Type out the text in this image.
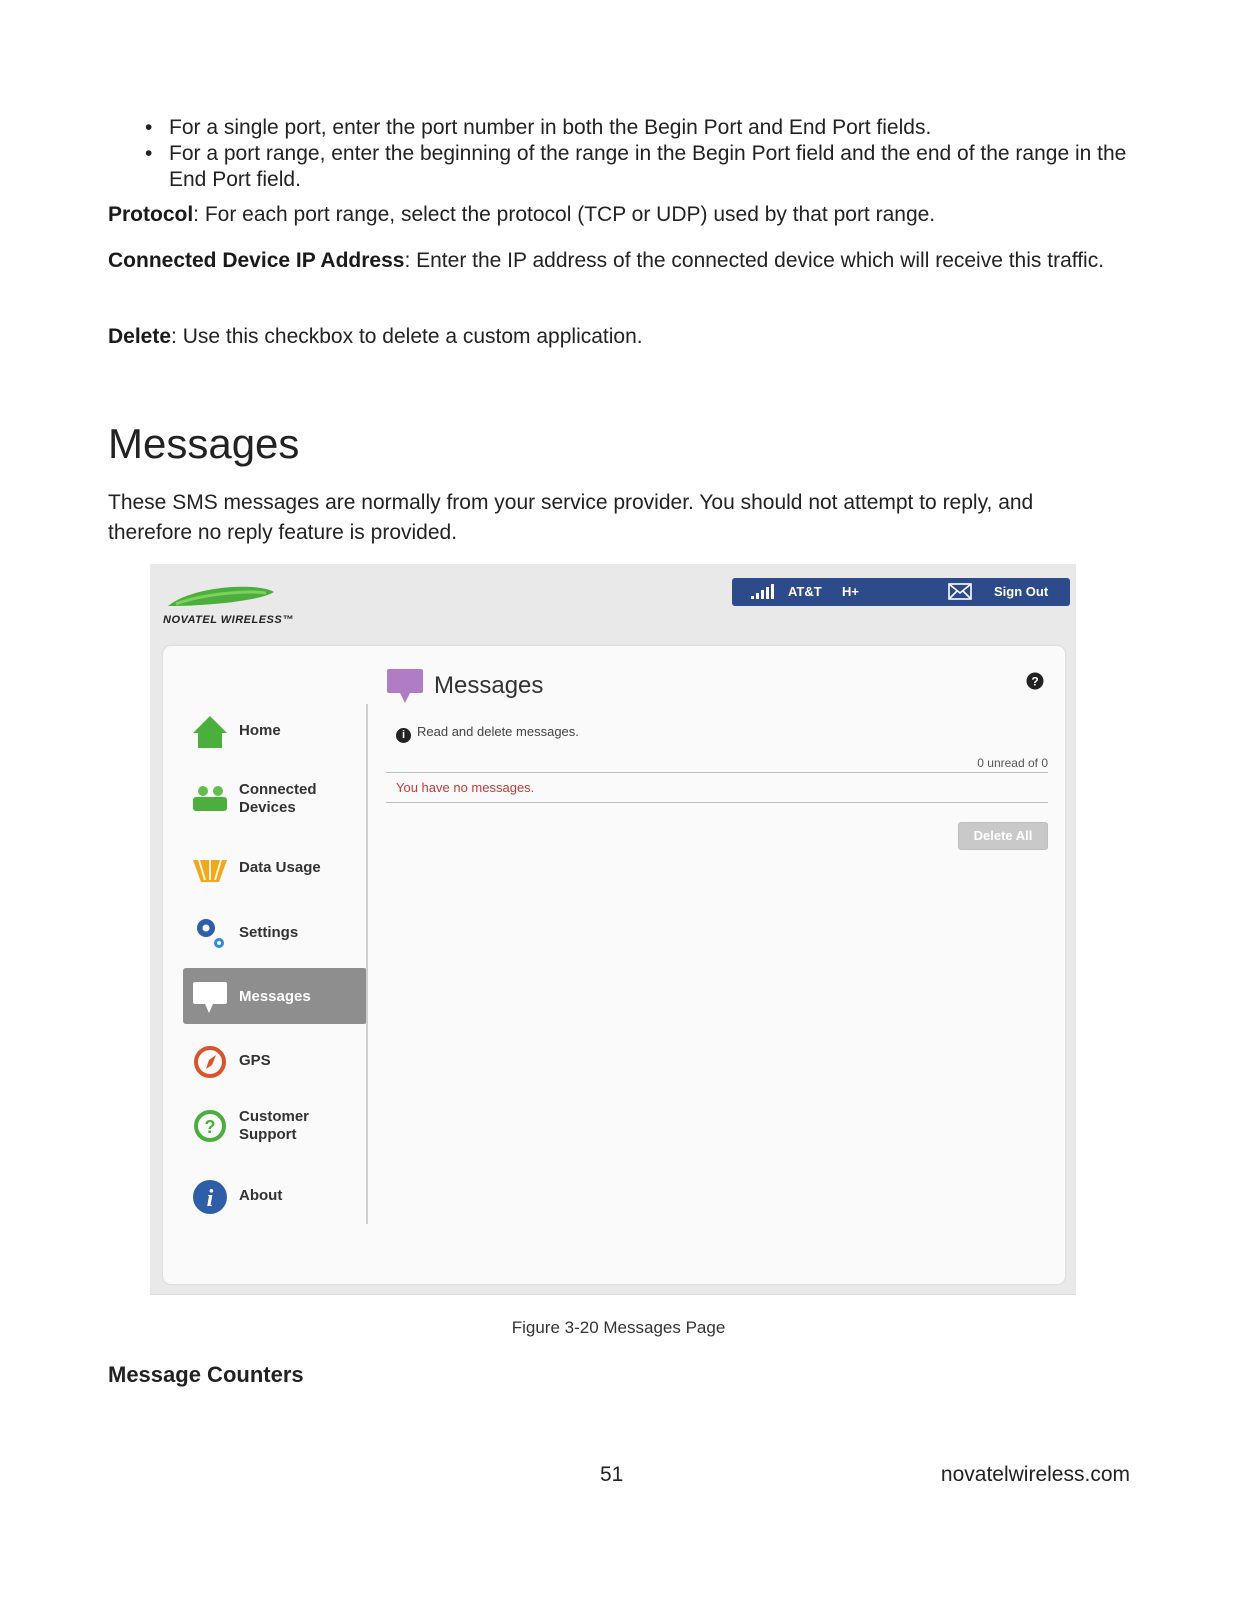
• For a single port, enter the port number in both the Begin Port and End Port fields.
• For a port range, enter the beginning of the range in the Begin Port field and the end of the range in the End Port field.

Protocol: For each port range, select the protocol (TCP or UDP) used by that port range.

Connected Device IP Address: Enter the IP address of the connected device which will receive this traffic.

Delete: Use this checkbox to delete a custom application.

Messages

These SMS messages are normally from your service provider. You should not attempt to reply, and therefore no reply feature is provided.

NOVATEL WIRELESS™
AT&T H+	Sign Out
Home
Connected Devices
Data Usage
Settings
Messages
GPS
?
Customer Support
i About
Messages	?
i Read and delete messages.
0 unread of 0
You have no messages.
Delete All
Figure 3-20 Messages Page
Message Counters
51	novatelwireless.com
